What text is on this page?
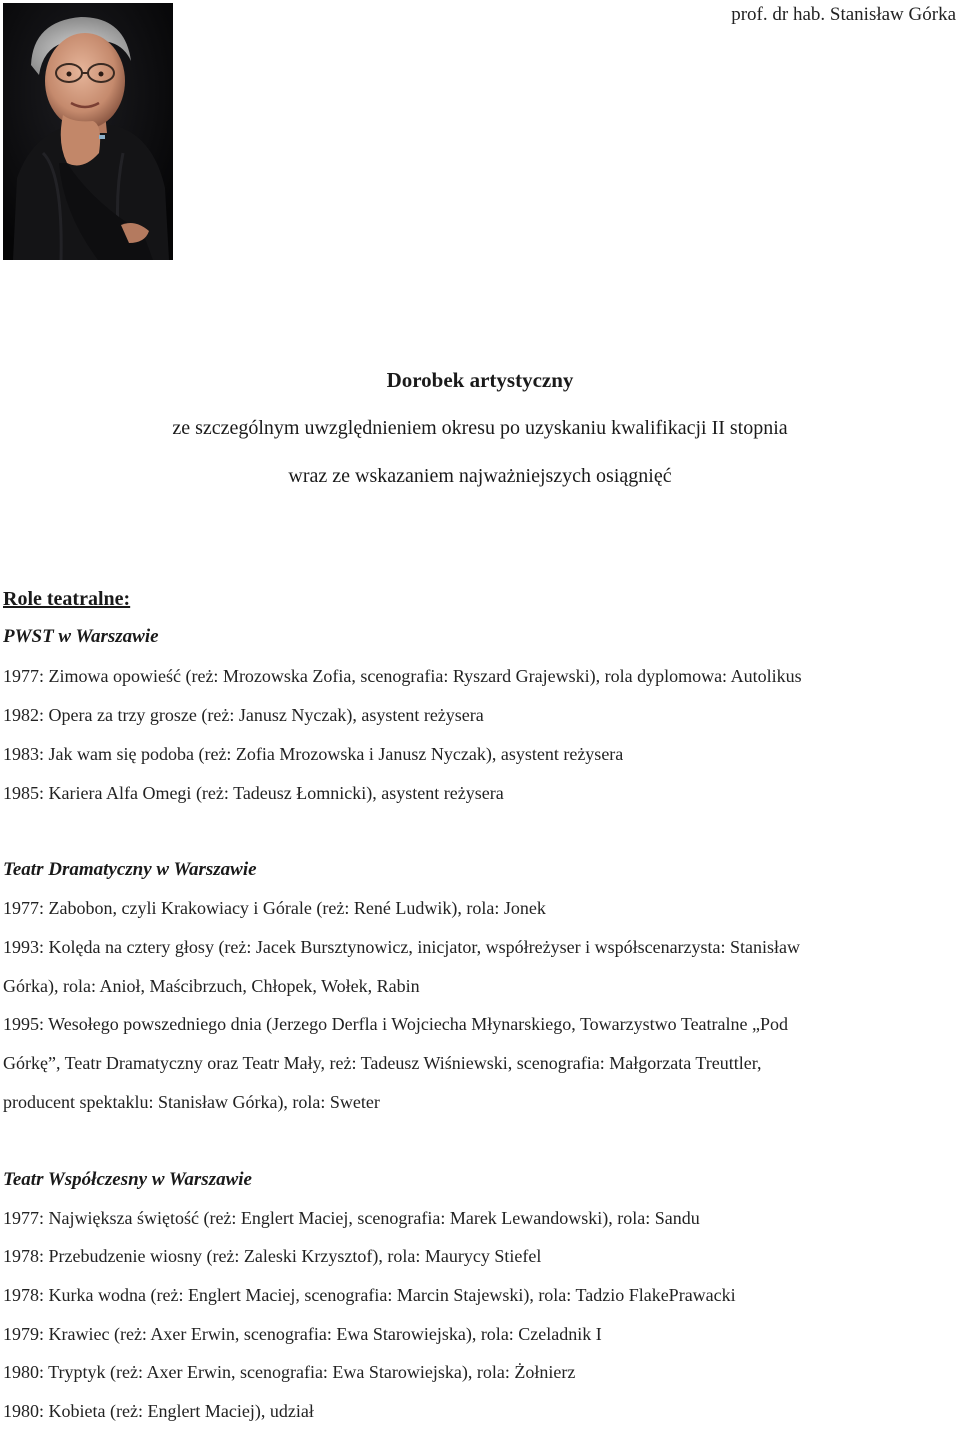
prof. dr hab. Stanisław Górka
Dorobek artystyczny
ze szczególnym uwzględnieniem okresu po uzyskaniu kwalifikacji II stopnia
wraz ze wskazaniem najważniejszych osiągnięć
Role teatralne:
PWST w Warszawie
1977: Zimowa opowieść (reż: Mrozowska Zofia, scenografia: Ryszard Grajewski), rola dyplomowa: Autolikus
1982: Opera za trzy grosze (reż: Janusz Nyczak), asystent reżysera
1983: Jak wam się podoba (reż: Zofia Mrozowska i Janusz Nyczak), asystent reżysera
1985: Kariera Alfa Omegi (reż: Tadeusz Łomnicki), asystent reżysera
Teatr Dramatyczny w Warszawie
1977: Zabobon, czyli Krakowiacy i Górale (reż: René Ludwik), rola: Jonek
1993: Kolęda na cztery głosy (reż: Jacek Bursztynowicz, inicjator, współreżyser i współscenarzysta: Stanisław
Górka), rola: Anioł, Maścibrzuch, Chłopek, Wołek, Rabin
1995: Wesołego powszedniego dnia (Jerzego Derfla i Wojciecha Młynarskiego, Towarzystwo Teatralne „Pod
Górkę”, Teatr Dramatyczny oraz Teatr Mały, reż: Tadeusz Wiśniewski, scenografia: Małgorzata Treuttler,
producent spektaklu: Stanisław Górka), rola: Sweter
Teatr Współczesny w Warszawie
1977: Największa świętość (reż: Englert Maciej, scenografia: Marek Lewandowski), rola: Sandu
1978: Przebudzenie wiosny (reż: Zaleski Krzysztof), rola: Maurycy Stiefel
1978: Kurka wodna (reż: Englert Maciej, scenografia: Marcin Stajewski), rola: Tadzio FlakePrawacki
1979: Krawiec (reż: Axer Erwin, scenografia: Ewa Starowiejska), rola: Czeladnik I
1980: Tryptyk (reż: Axer Erwin, scenografia: Ewa Starowiejska), rola: Żołnierz
1980: Kobieta (reż: Englert Maciej), udział
